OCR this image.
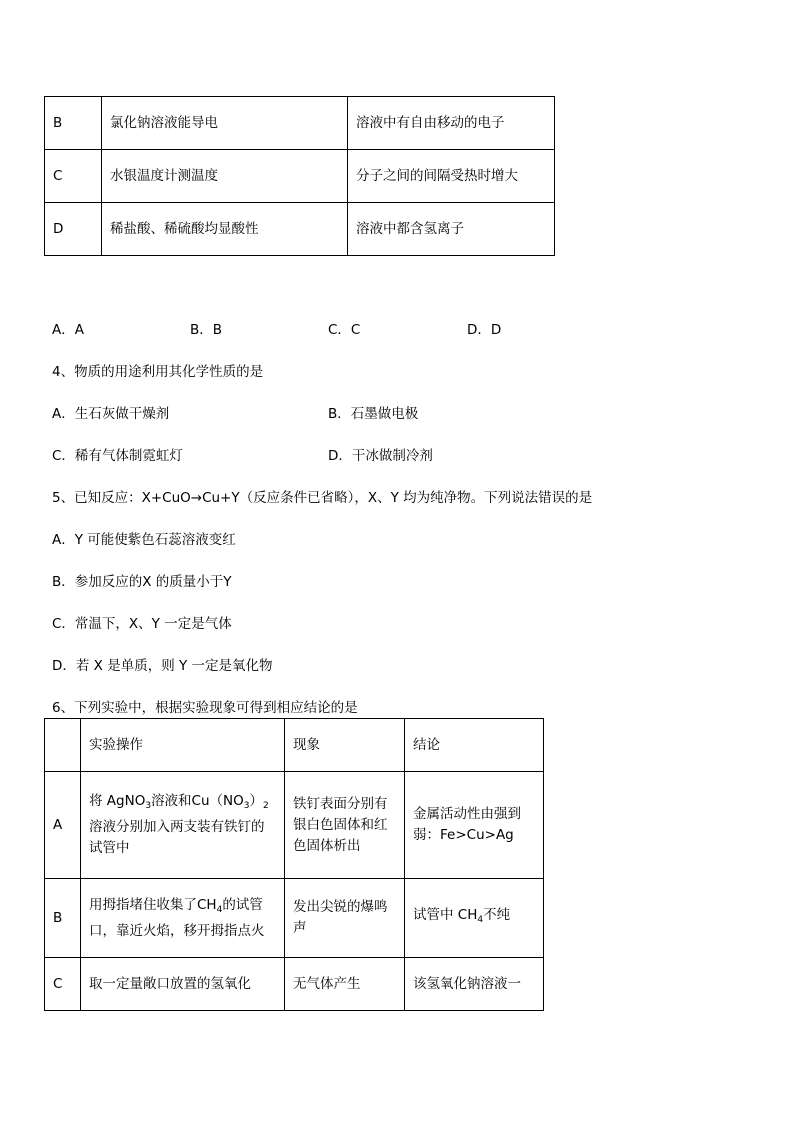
B	氯化钠溶液能导电	溶液中有自由移动的电子
C	水银温度计测温度	分子之间的间隔受热时增大
D	稀盐酸、稀硫酸均显酸性	溶液中都含氢离子
A．A	B．B	C．C	D．D
4、物质的用途利用其化学性质的是
A．生石灰做干燥剂	B．石墨做电极
C．稀有气体制霓虹灯	D．干冰做制冷剂
5、已知反应：X+CuO→Cu+Y（反应条件已省略），X、Y 均为纯净物。下列说法错误的是
A．Y 可能使紫色石蕊溶液变红
B．参加反应的X 的质量小于Y
C．常温下，X、Y 一定是气体
D．若 X 是单质，则 Y 一定是氧化物
6、下列实验中，根据实验现象可得到相应结论的是
	实验操作	现象	结论
A	将 AgNO$_3$溶液和$Cu(NO_3)_2$溶液分别加入两支装有铁钉的试管中	铁钉表面分别有银白色固体和红色固体析出	金属活动性由强到弱：Fe>Cu>Ag
B	用拇指堵住收集了$CH_4$的试管口，靠近火焰，移开拇指点火	发出尖锐的爆鸣声	试管中 $CH_4$不纯
C	取一定量敞口放置的氢氧化	无气体产生	该氢氧化钠溶液一
